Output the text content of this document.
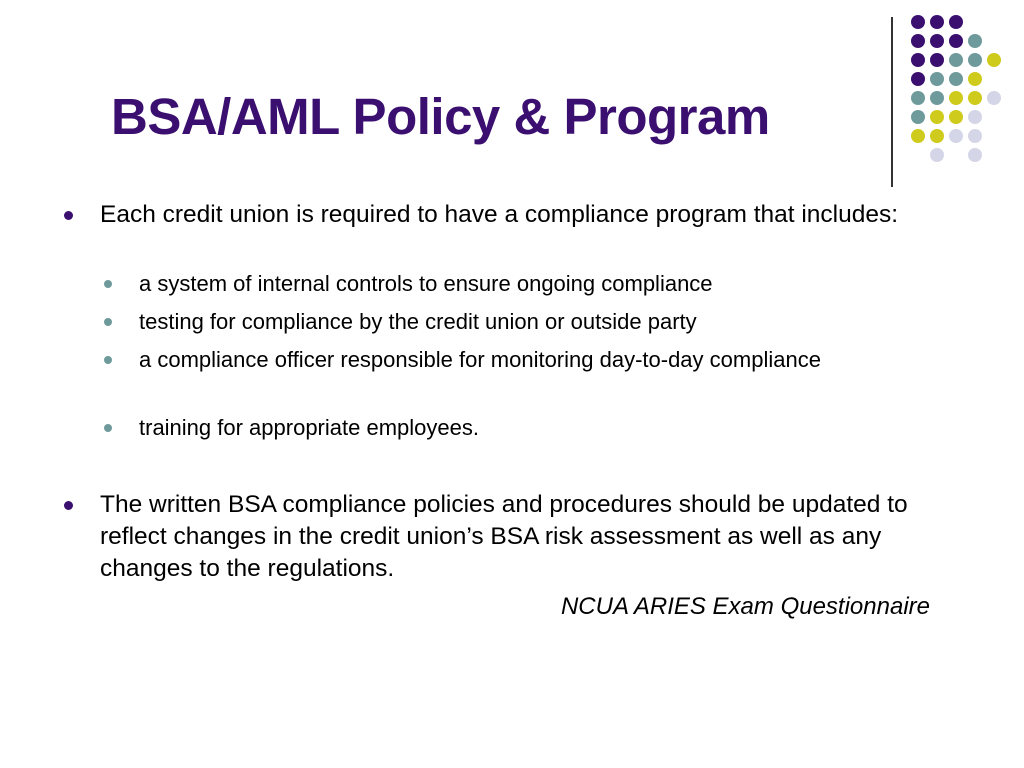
BSA/AML Policy & Program
Each credit union is required to have a compliance program that includes:
a system of internal controls to ensure ongoing compliance
testing for compliance by the credit union or outside party
a compliance officer responsible for monitoring day-to-day compliance
training for appropriate employees.
The written BSA compliance policies and procedures should be updated to reflect changes in the credit union’s BSA risk assessment as well as any changes to the regulations.
NCUA ARIES Exam Questionnaire
